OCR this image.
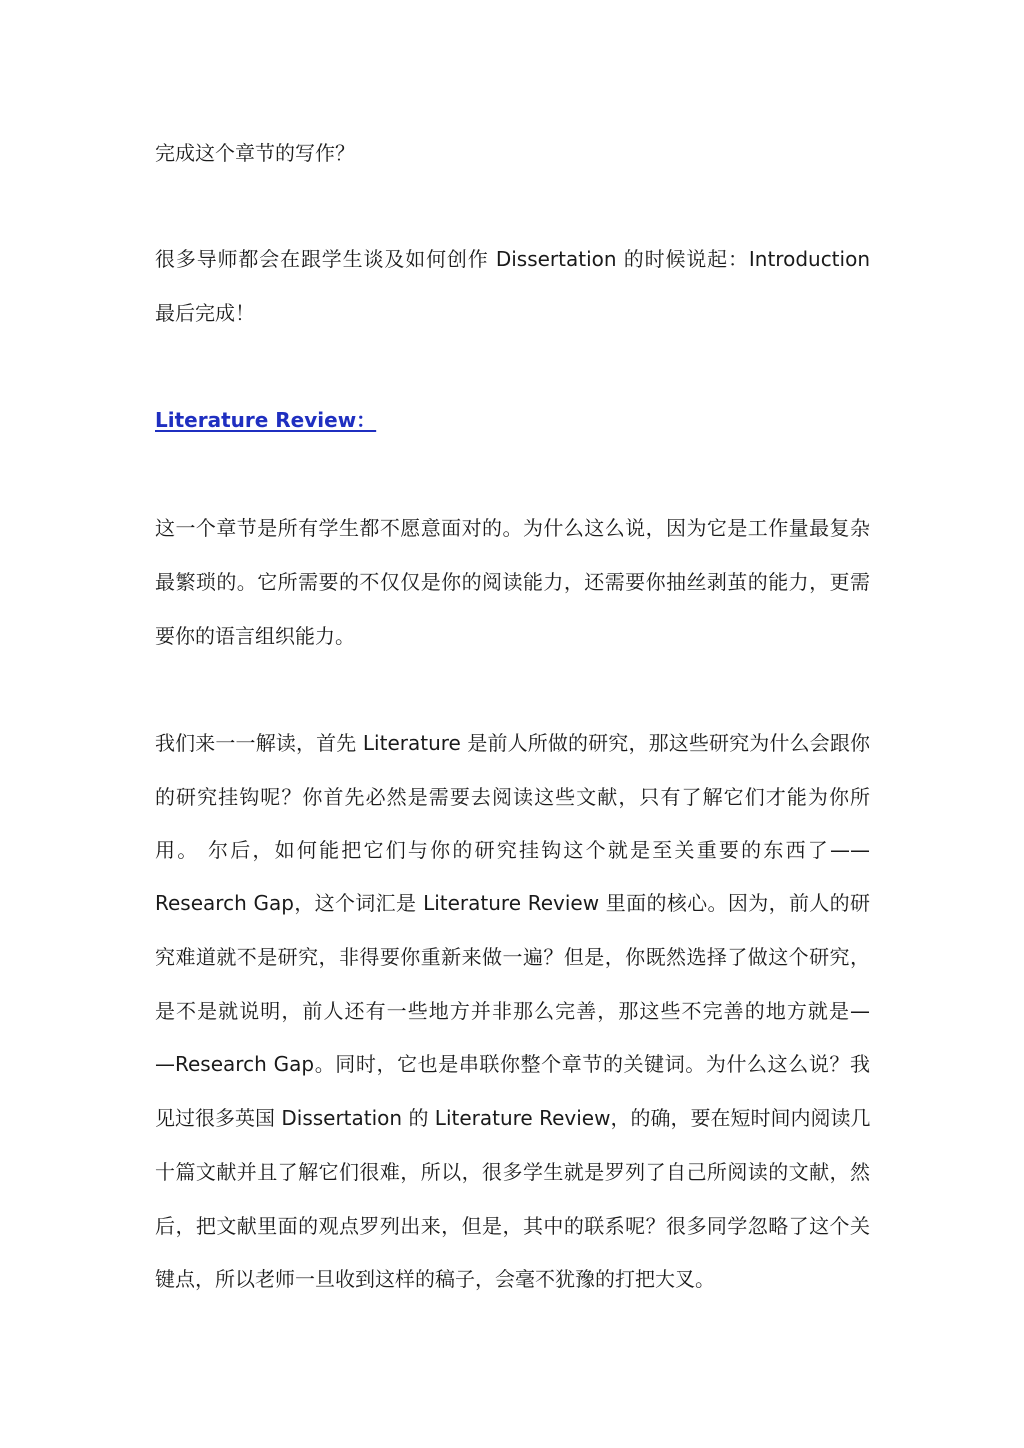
完成这个章节的写作？
很多导师都会在跟学生谈及如何创作 Dissertation 的时候说起：Introduction
最后完成！
Literature Review：
这一个章节是所有学生都不愿意面对的。为什么这么说，因为它是工作量最复杂
最繁琐的。它所需要的不仅仅是你的阅读能力，还需要你抽丝剥茧的能力，更需
要你的语言组织能力。
我们来一一解读，首先 Literature 是前人所做的研究，那这些研究为什么会跟你
的研究挂钩呢？你首先必然是需要去阅读这些文献，只有了解它们才能为你所
用。 尔后，如何能把它们与你的研究挂钩这个就是至关重要的东西了——
Research Gap，这个词汇是 Literature Review 里面的核心。因为，前人的研
究难道就不是研究，非得要你重新来做一遍？但是，你既然选择了做这个研究，
是不是就说明，前人还有一些地方并非那么完善，那这些不完善的地方就是—
—Research Gap。同时，它也是串联你整个章节的关键词。为什么这么说？我
见过很多英国 Dissertation 的 Literature Review，的确，要在短时间内阅读几
十篇文献并且了解它们很难，所以，很多学生就是罗列了自己所阅读的文献，然
后，把文献里面的观点罗列出来，但是，其中的联系呢？很多同学忽略了这个关
键点，所以老师一旦收到这样的稿子，会毫不犹豫的打把大叉。
